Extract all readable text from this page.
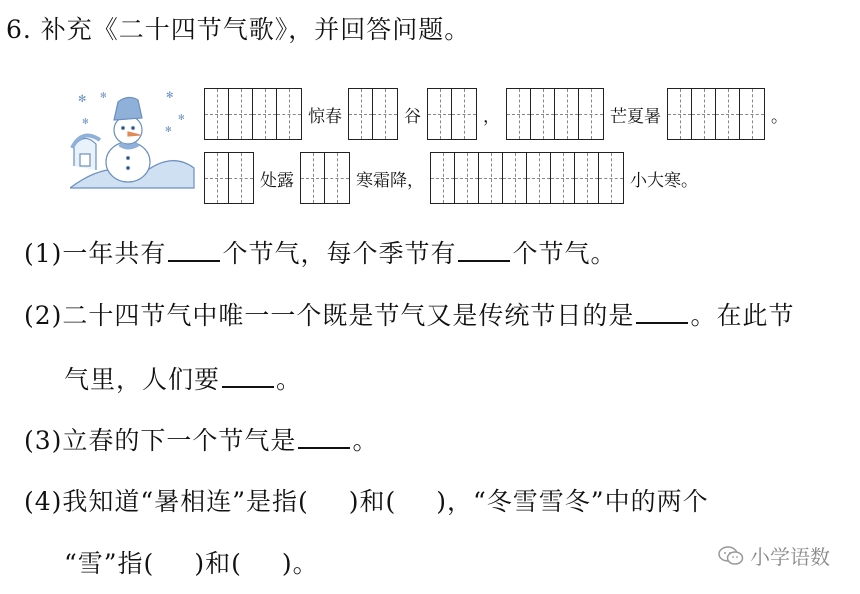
6. 补充《二十四节气歌》，并回答问题。
✻ ✻	✻
✻
✻
✻	惊春	谷	，	芒夏暑	。
处露	寒霜降，	小大寒。
(1)一年共有 个节气，每个季节有 个节气。
(2)二十四节气中唯一一个既是节气又是传统节日的是 。在此节
气里，人们要 。
(3)立春的下一个节气是 。
(4)我知道“暑相连”是指( )和( )，“冬雪雪冬”中的两个
“雪”指( )和( )。	小学语数
